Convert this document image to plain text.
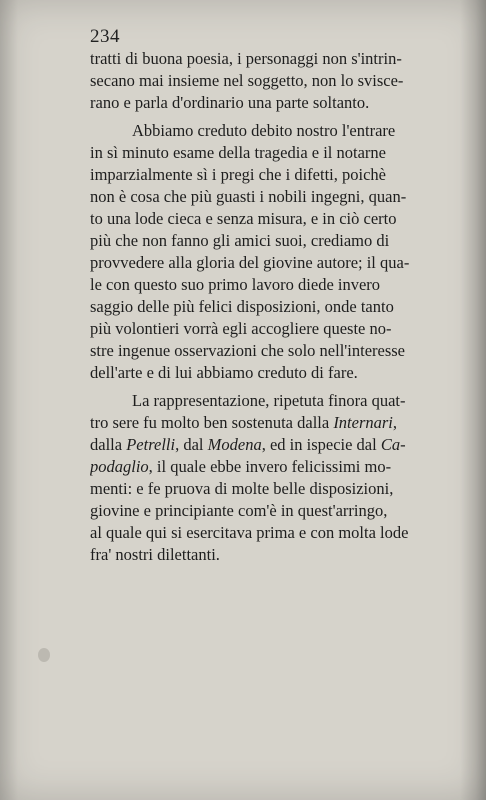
234
tratti di buona poesia, i personaggi non s'intrin-
secano mai insieme nel soggetto, non lo svisce-
rano e parla d'ordinario una parte soltanto.
Abbiamo creduto debito nostro l'entrare
in sì minuto esame della tragedia e il notarne
imparzialmente sì i pregi che i difetti, poichè
non è cosa che più guasti i nobili ingegni, quan-
to una lode cieca e senza misura, e in ciò certo
più che non fanno gli amici suoi, crediamo di
provvedere alla gloria del giovine autore; il qua-
le con questo suo primo lavoro diede invero
saggio delle più felici disposizioni, onde tanto
più volontieri vorrà egli accogliere queste no-
stre ingenue osservazioni che solo nell'interesse
dell'arte e di lui abbiamo creduto di fare.
La rappresentazione, ripetuta finora quat-
tro sere fu molto ben sostenuta dalla Internari,
dalla Petrelli, dal Modena, ed in ispecie dal Ca-
podaglio, il quale ebbe invero felicissimi mo-
menti: e fe pruova di molte belle disposizioni,
giovine e principiante com'è in quest'arringo,
al quale qui si esercitava prima e con molta lode
fra' nostri dilettanti.
